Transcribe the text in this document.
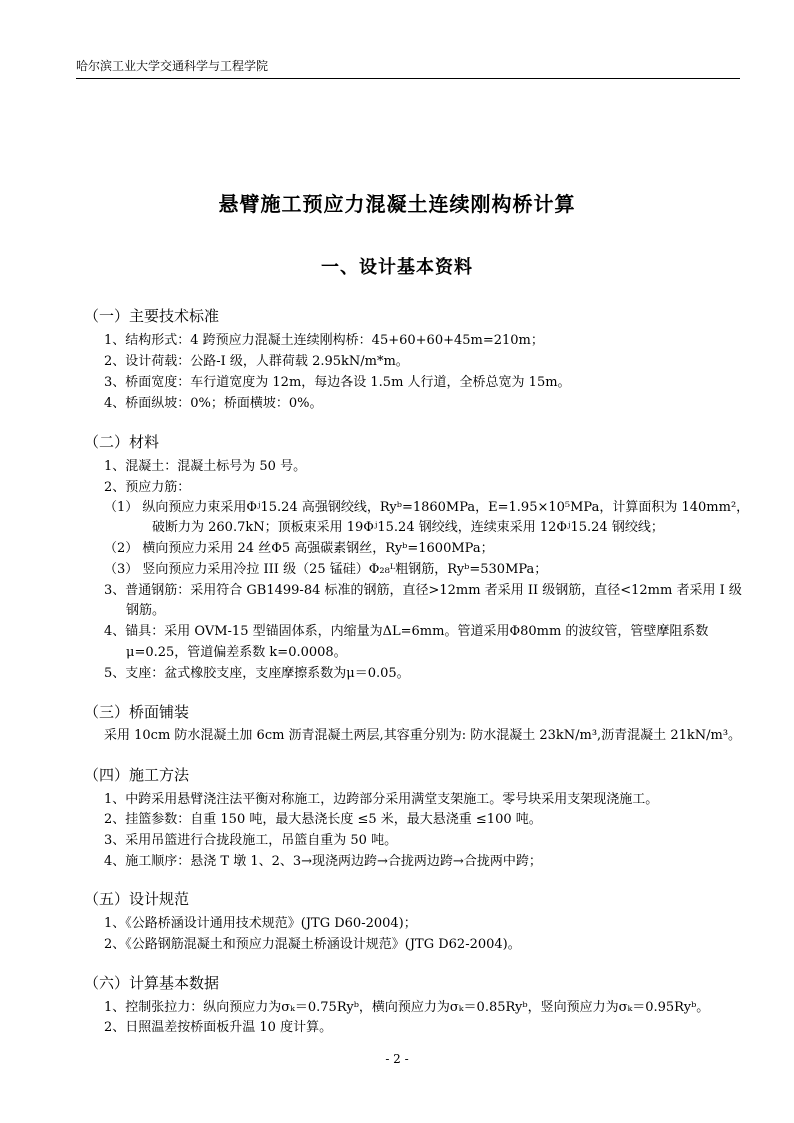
哈尔滨工业大学交通科学与工程学院
悬臂施工预应力混凝土连续刚构桥计算
一、设计基本资料
（一）主要技术标准
1、结构形式：4 跨预应力混凝土连续刚构桥：45+60+60+45m=210m；
2、设计荷载：公路-I 级，人群荷载 2.95kN/m*m。
3、桥面宽度：车行道宽度为 12m，每边各设 1.5m 人行道，全桥总宽为 15m。
4、桥面纵坡：0%；桥面横坡：0%。
（二）材料
1、混凝土：混凝土标号为 50 号。
2、预应力筋：
（1） 纵向预应力束采用Φʲ15.24 高强钢绞线，Ryᵇ=1860MPa，E=1.95×10⁵MPa，计算面积为 140mm²，
破断力为 260.7kN；顶板束采用 19Φʲ15.24 钢绞线，连续束采用 12Φʲ15.24 钢绞线；
（2） 横向预应力采用 24 丝Φ5 高强碳素钢丝，Ryᵇ=1600MPa；
（3） 竖向预应力采用冷拉 III 级（25 锰硅）Φ₂₈ᴸ粗钢筋，Ryᵇ=530MPa；
3、普通钢筋：采用符合 GB1499-84 标准的钢筋，直径>12mm 者采用 II 级钢筋，直径<12mm 者采用 I 级
钢筋。
4、锚具：采用 OVM-15 型锚固体系，内缩量为ΔL=6mm。管道采用Φ80mm 的波纹管，管壁摩阻系数
μ=0.25，管道偏差系数 k=0.0008。
5、支座：盆式橡胶支座，支座摩擦系数为μ＝0.05。
（三）桥面铺装
采用 10cm 防水混凝土加 6cm 沥青混凝土两层,其容重分别为: 防水混凝土 23kN/m³,沥青混凝土 21kN/m³。
（四）施工方法
1、中跨采用悬臂浇注法平衡对称施工，边跨部分采用满堂支架施工。零号块采用支架现浇施工。
2、挂篮参数：自重 150 吨，最大悬浇长度 ≤5 米，最大悬浇重 ≤100 吨。
3、采用吊篮进行合拢段施工，吊篮自重为 50 吨。
4、施工顺序：悬浇 T 墩 1、2、3→现浇两边跨→合拢两边跨→合拢两中跨；
（五）设计规范
1、《公路桥涵设计通用技术规范》(JTG D60-2004)；
2、《公路钢筋混凝土和预应力混凝土桥涵设计规范》(JTG D62-2004)。
（六）计算基本数据
1、控制张拉力：纵向预应力为σₖ＝0.75Ryᵇ，横向预应力为σₖ＝0.85Ryᵇ，竖向预应力为σₖ＝0.95Ryᵇ。
2、日照温差按桥面板升温 10 度计算。
- 2 -
